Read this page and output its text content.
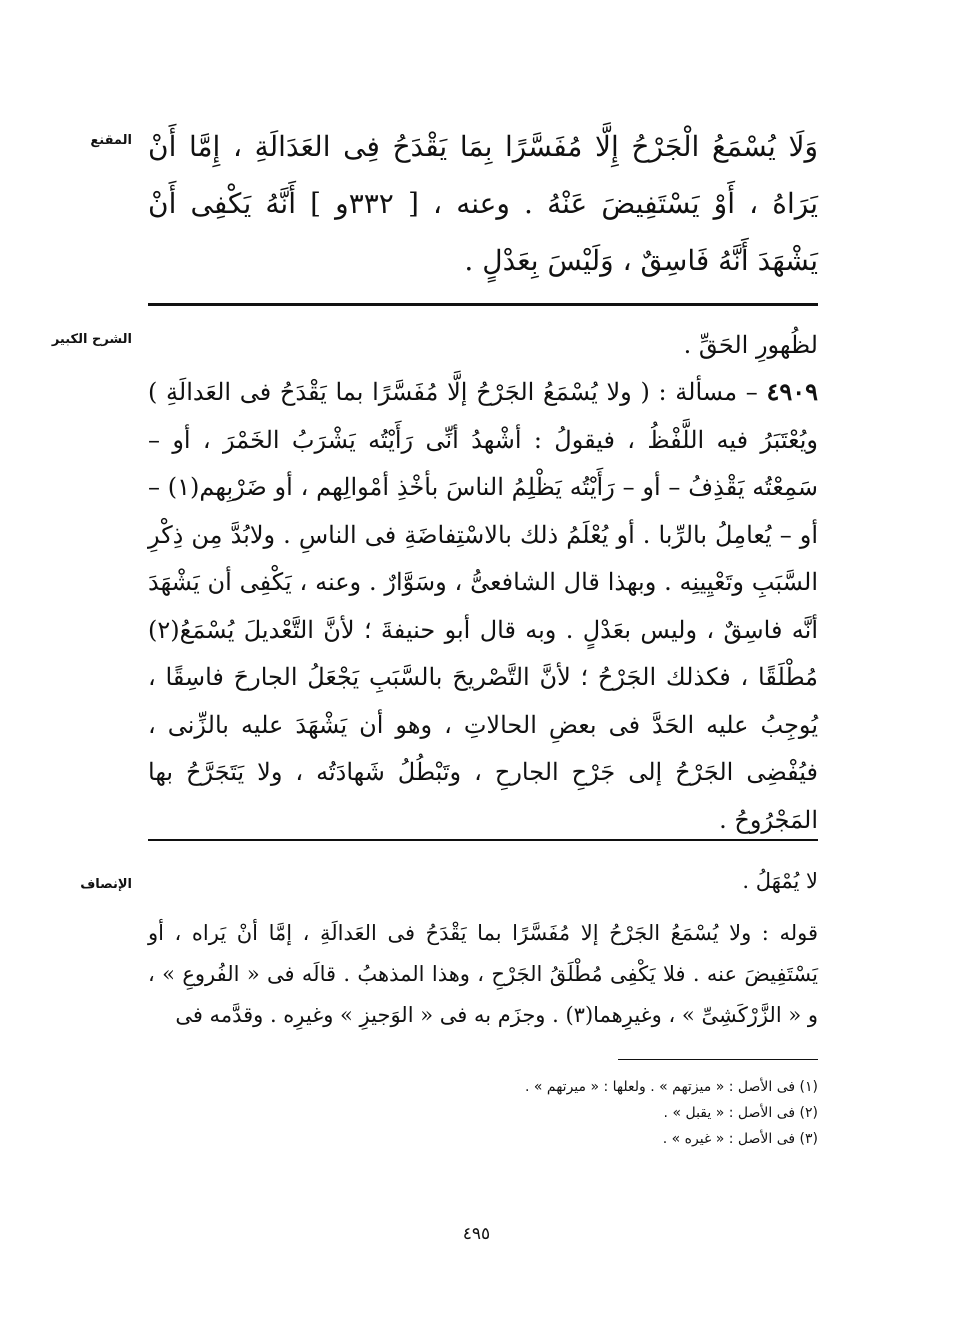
المقنع وَلَا يُسْمَعُ الْجَرْحُ إِلَّا مُفَسَّرًا بِمَا يَقْدَحُ فِى العَدَالَةِ ، إِمَّا أَنْ يَرَاهُ ، أَوْ يَسْتَفِيضَ عَنْهُ . وعنه ، [ ٣٣٢و ] أَنَّهُ يَكْفِى أَنْ يَشْهَدَ أَنَّهُ فَاسِقٌ ، وَلَيْسَ بِعَدْلٍ .

الشرح الكبير	لظُهورِ الحَقِّ .

٤٩٠٩ – مسألة : ( ولا يُسْمَعُ الجَرْحُ إلَّا مُفَسَّرًا بما يَقْدَحُ فى العَدالَةِ ) ويُعْتَبَرُ فيه اللَّفْظُ ، فيقولُ : أشْهدُ أنِّى رَأَيْتُه يَشْرَبُ الخَمْرَ ، أو – سَمِعْتُه يَقْذِفُ – أو – رَأَيْتُه يَظْلِمُ الناسَ بأخْذِ أمْوالِهم ، أو ضَرْبِهم(١) – أو – يُعامِلُ بالرِّبا . أو يُعْلَمُ ذلك بالاسْتِفاضَةِ فى الناسِ . ولابُدَّ مِن ذِكْرِ السَّبَبِ وتَعْيِينِه . وبهذا قال الشافعىُّ ، وسَوَّارٌ . وعنه ، يَكْفِى أن يَشْهَدَ أنَّه فاسِقٌ ، وليس بعَدْلٍ . وبه قال أبو حنيفةَ ؛ لأنَّ التَّعْديلَ يُسْمَعُ(٢) مُطْلَقًا ، فكذلك الجَرْحُ ؛ لأنَّ التَّصْريحَ بالسَّبَبِ يَجْعَلُ الجارحَ فاسِقًا ، يُوجِبُ عليه الحَدَّ فى بعضِ الحالاتِ ، وهو أن يَشْهَدَ عليه بالزِّنى ، فيُفْضِى الجَرْحُ إلى جَرْحِ الجارحِ ، وتَبْطُلُ شَهادَتُه ، ولا يَتَجَرَّحُ بها المَجْرُوحُ .

الإنصاف	لا يُمْهَلُ .

قوله : ولا يُسْمَعُ الجَرْحُ إلا مُفَسَّرًا بما يَقْدَحُ فى العَدالَةِ ، إمَّا أنْ يَراه ، أو يَسْتَفِيضَ عنه . فلا يَكْفِى مُطْلَقُ الجَرْحِ ، وهذا المذهبُ . قالَه فى « الفُروعِ » ، و « الزَّرْكَشِىِّ » ، وغيرِهما(٣) . وجزَم به فى « الوَجيزِ » وغيرِه . وقدَّمه فى

(١) فى الأصل : « ميزتهم » . ولعلها : « ميرتهم » .
(٢) فى الأصل : « يقبل » .
(٣) فى الأصل : « غيره » .
٤٩٥
